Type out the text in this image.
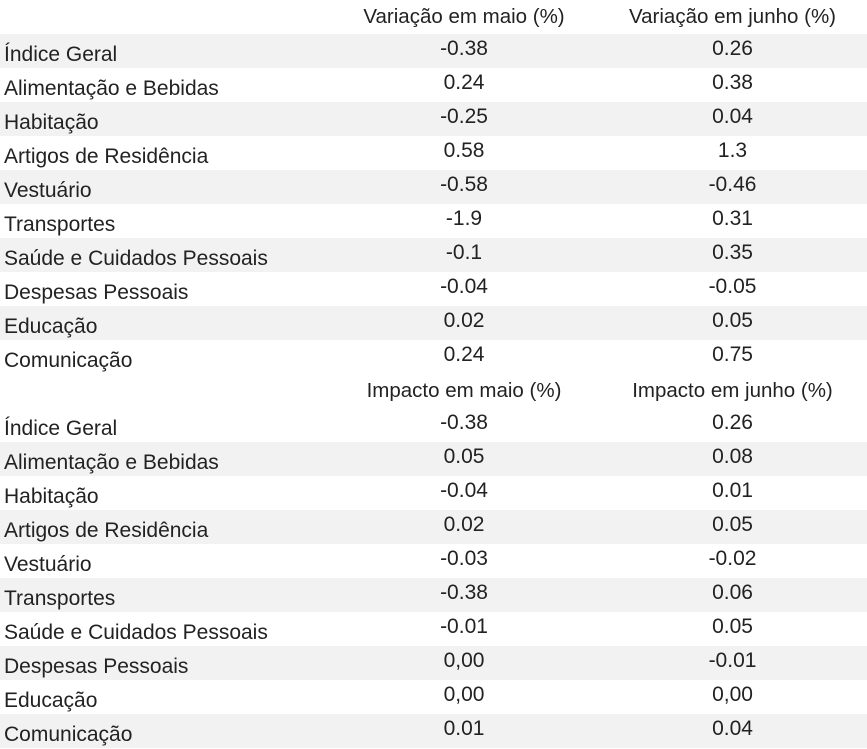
Variação em maio (%)	Variação em junho (%)
Índice Geral	-0.38	0.26
Alimentação e Bebidas	0.24	0.38
Habitação	-0.25	0.04
Artigos de Residência	0.58	1.3
Vestuário	-0.58	-0.46
Transportes	-1.9	0.31
Saúde e Cuidados Pessoais	-0.1	0.35
Despesas Pessoais	-0.04	-0.05
Educação	0.02	0.05
Comunicação	0.24	0.75
Impacto em maio (%)	Impacto em junho (%)
Índice Geral	-0.38	0.26
Alimentação e Bebidas	0.05	0.08
Habitação	-0.04	0.01
Artigos de Residência	0.02	0.05
Vestuário	-0.03	-0.02
Transportes	-0.38	0.06
Saúde e Cuidados Pessoais	-0.01	0.05
Despesas Pessoais	0,00	-0.01
Educação	0,00	0,00
Comunicação	0.01	0.04
